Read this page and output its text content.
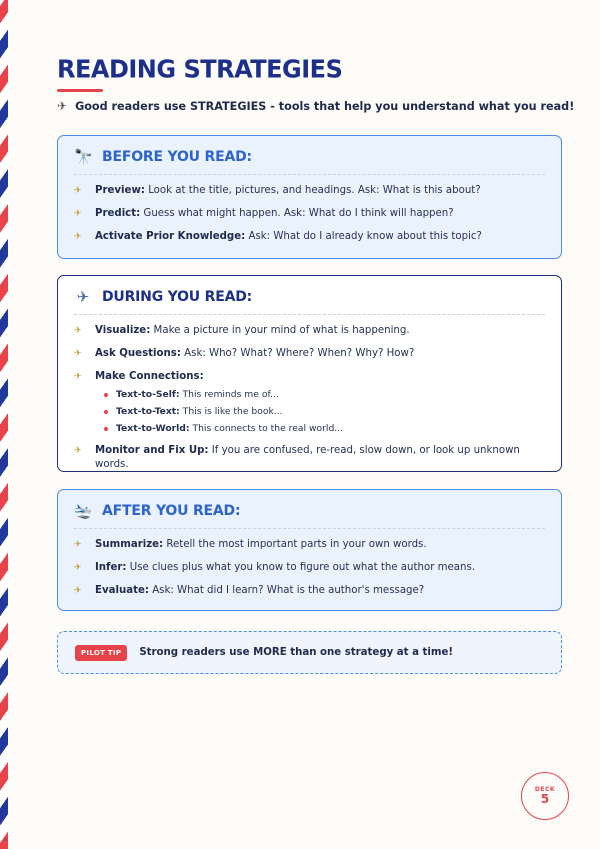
a
READING STRATEGIES
✈ Good readers use STRATEGIES - tools that help you understand what you read!
🔭 BEFORE YOU READ:
✈	Preview: Look at the title, pictures, and headings. Ask: What is this about?
✈	Predict: Guess what might happen. Ask: What do I think will happen?
✈	Activate Prior Knowledge: Ask: What do I already know about this topic?
✈ DURING YOU READ:
✈	Visualize: Make a picture in your mind of what is happening.
✈	Ask Questions: Ask: Who? What? Where? When? Why? How?
✈	Make Connections:
Text-to-Self: This reminds me of...
Text-to-Text: This is like the book...
Text-to-World: This connects to the real world...
✈	Monitor and Fix Up: If you are confused, re-read, slow down, or look up unknown words.
🛬 AFTER YOU READ:
✈	Summarize: Retell the most important parts in your own words.
✈	Infer: Use clues plus what you know to figure out what the author means.
✈	Evaluate: Ask: What did I learn? What is the author's message?
PILOT TIP	Strong readers use MORE than one strategy at a time!
DECK
5
